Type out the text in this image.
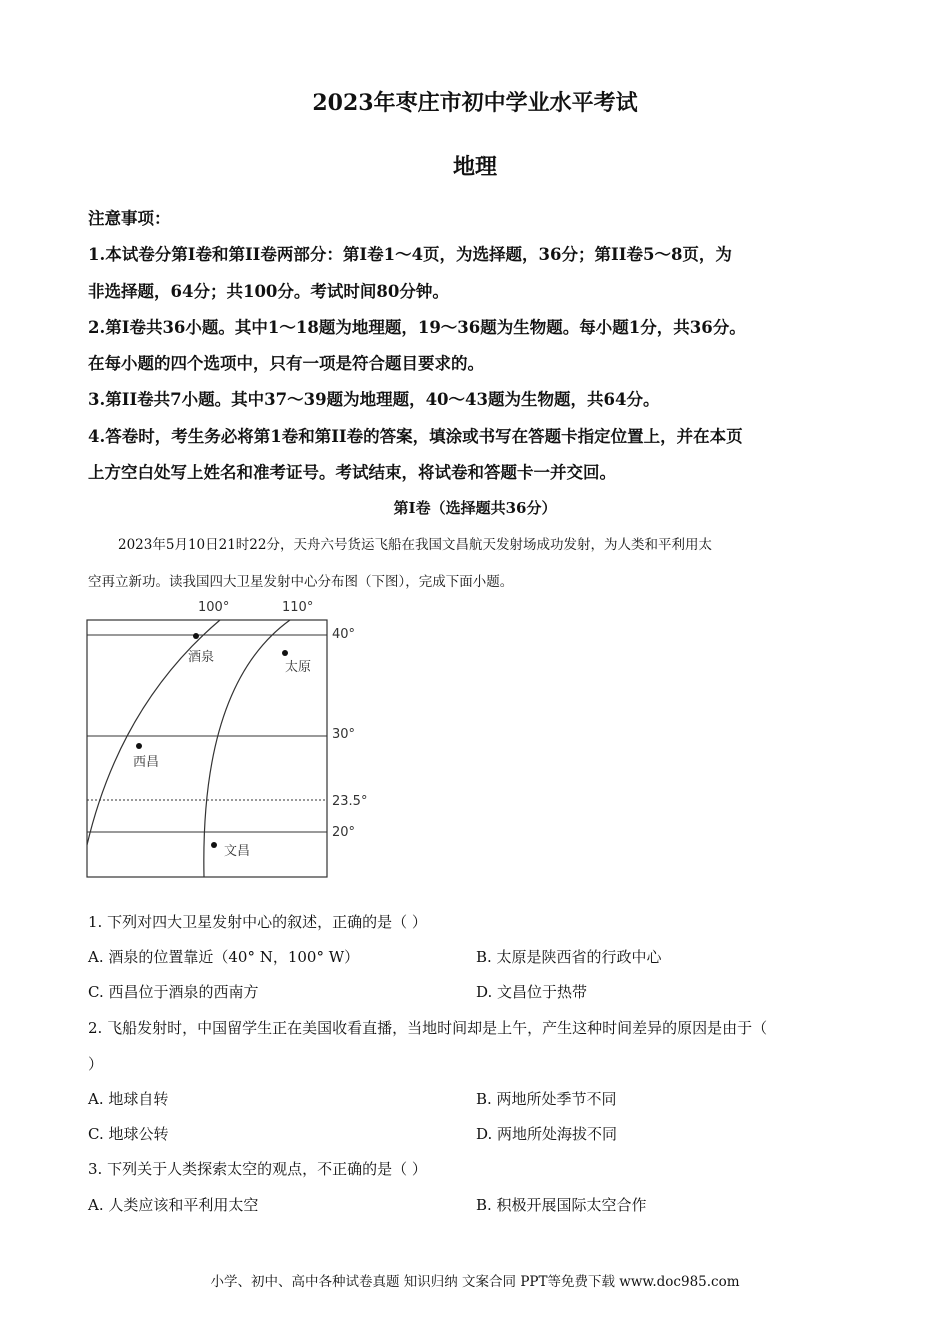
2023年枣庄市初中学业水平考试
地理
注意事项：
1.本试卷分第I卷和第II卷两部分：第I卷1～4页，为选择题，36分；第II卷5～8页，为
非选择题，64分；共100分。考试时间80分钟。
2.第I卷共36小题。其中1～18题为地理题，19～36题为生物题。每小题1分，共36分。
在每小题的四个选项中，只有一项是符合题目要求的。
3.第II卷共7小题。其中37～39题为地理题，40～43题为生物题，共64分。
4.答卷时，考生务必将第1卷和第II卷的答案，填涂或书写在答题卡指定位置上，并在本页
上方空白处写上姓名和准考证号。考试结束，将试卷和答题卡一并交回。
第I卷（选择题共36分）
2023年5月10日21时22分，天舟六号货运飞船在我国文昌航天发射场成功发射，为人类和平利用太
空再立新功。读我国四大卫星发射中心分布图（下图），完成下面小题。
100°	110°
40°
30°
23.5°
20°
酒泉
太原
西昌
文昌
1. 下列对四大卫星发射中心的叙述，正确的是（ ）
A. 酒泉的位置靠近（40° N，100° W）	B. 太原是陕西省的行政中心
C. 西昌位于酒泉的西南方	D. 文昌位于热带
2. 飞船发射时，中国留学生正在美国收看直播，当地时间却是上午，产生这种时间差异的原因是由于（
）
A. 地球自转	B. 两地所处季节不同
C. 地球公转	D. 两地所处海拔不同
3. 下列关于人类探索太空的观点，不正确的是（ ）
A. 人类应该和平利用太空	B. 积极开展国际太空合作
小学、初中、高中各种试卷真题 知识归纳 文案合同 PPT等免费下载 www.doc985.com
